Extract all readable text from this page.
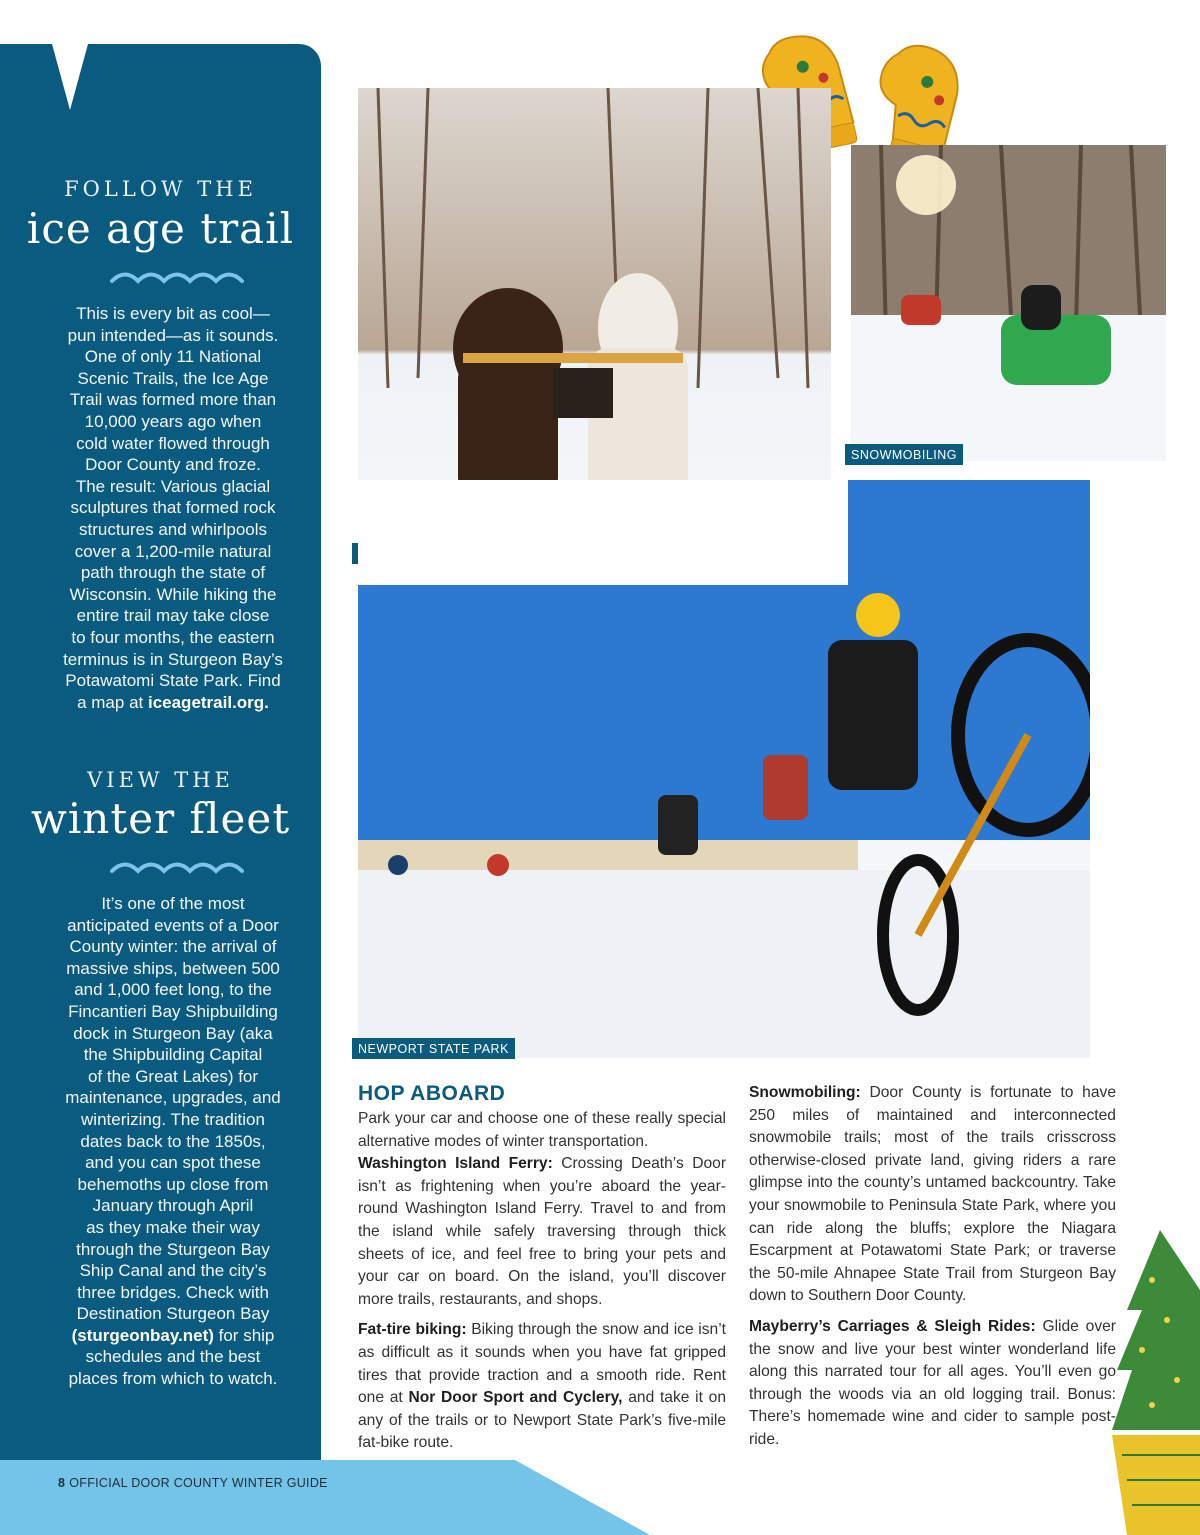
FOLLOW THE
ice age trail
This is every bit as cool—
pun intended—as it sounds.
One of only 11 National
Scenic Trails, the Ice Age
Trail was formed more than
10,000 years ago when
cold water flowed through
Door County and froze.
The result: Various glacial
sculptures that formed rock
structures and whirlpools
cover a 1,200-mile natural
path through the state of
Wisconsin. While hiking the
entire trail may take close
to four months, the eastern
terminus is in Sturgeon Bay’s
Potawatomi State Park. Find
a map at iceagetrail.org.
VIEW THE
winter fleet
It’s one of the most
anticipated events of a Door
County winter: the arrival of
massive ships, between 500
and 1,000 feet long, to the
Fincantieri Bay Shipbuilding
dock in Sturgeon Bay (aka
the Shipbuilding Capital
of the Great Lakes) for
maintenance, upgrades, and
winterizing. The tradition
dates back to the 1850s,
and you can spot these
behemoths up close from
January through April
as they make their way
through the Sturgeon Bay
Ship Canal and the city’s
three bridges. Check with
Destination Sturgeon Bay
(sturgeonbay.net) for ship
schedules and the best
places from which to watch.
SNOWMOBILING
NEWPORT STATE PARK
HOP ABOARD

Park your car and choose one of these really special alternative modes of winter transportation.

Washington Island Ferry: Crossing Death’s Door isn’t as frightening when you’re aboard the year-round Washington Island Ferry. Travel to and from the island while safely traversing through thick sheets of ice, and feel free to bring your pets and your car on board. On the island, you’ll discover more trails, restaurants, and shops.

Fat-tire biking: Biking through the snow and ice isn’t as difficult as it sounds when you have fat gripped tires that provide traction and a smooth ride. Rent one at Nor Door Sport and Cyclery, and take it on any of the trails or to Newport State Park’s five-mile fat-bike route.

Snowmobiling: Door County is fortunate to have 250 miles of maintained and interconnected snowmobile trails; most of the trails crisscross otherwise-closed private land, giving riders a rare glimpse into the county’s untamed backcountry. Take your snowmobile to Peninsula State Park, where you can ride along the bluffs; explore the Niagara Escarpment at Potawatomi State Park; or traverse the 50-mile Ahnapee State Trail from Sturgeon Bay down to Southern Door County.

Mayberry’s Carriages & Sleigh Rides: Glide over the snow and live your best winter wonderland life along this narrated tour for all ages. You’ll even go through the woods via an old logging trail. Bonus: There’s homemade wine and cider to sample post-ride.

8 OFFICIAL DOOR COUNTY WINTER GUIDE
